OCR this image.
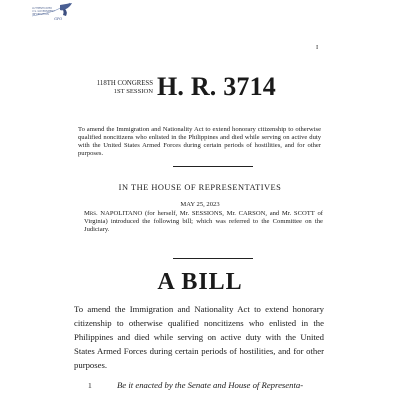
AUTHENTICATED
U.S. GOVERNMENT
INFORMATION
GPO
I
118TH CONGRESS
1ST SESSION H. R. 3714
To amend the Immigration and Nationality Act to extend honorary citizenship to otherwise qualified noncitizens who enlisted in the Philippines and died while serving on active duty with the United States Armed Forces during certain periods of hostilities, and for other purposes.
IN THE HOUSE OF REPRESENTATIVES
MAY 25, 2023
Mrs. NAPOLITANO (for herself, Mr. SESSIONS, Mr. CARSON, and Mr. SCOTT of Virginia) introduced the following bill; which was referred to the Committee on the Judiciary.
A BILL
To amend the Immigration and Nationality Act to extend honorary citizenship to otherwise qualified noncitizens who enlisted in the Philippines and died while serving on active duty with the United States Armed Forces during certain periods of hostilities, and for other purposes.
1	Be it enacted by the Senate and House of Representa-
